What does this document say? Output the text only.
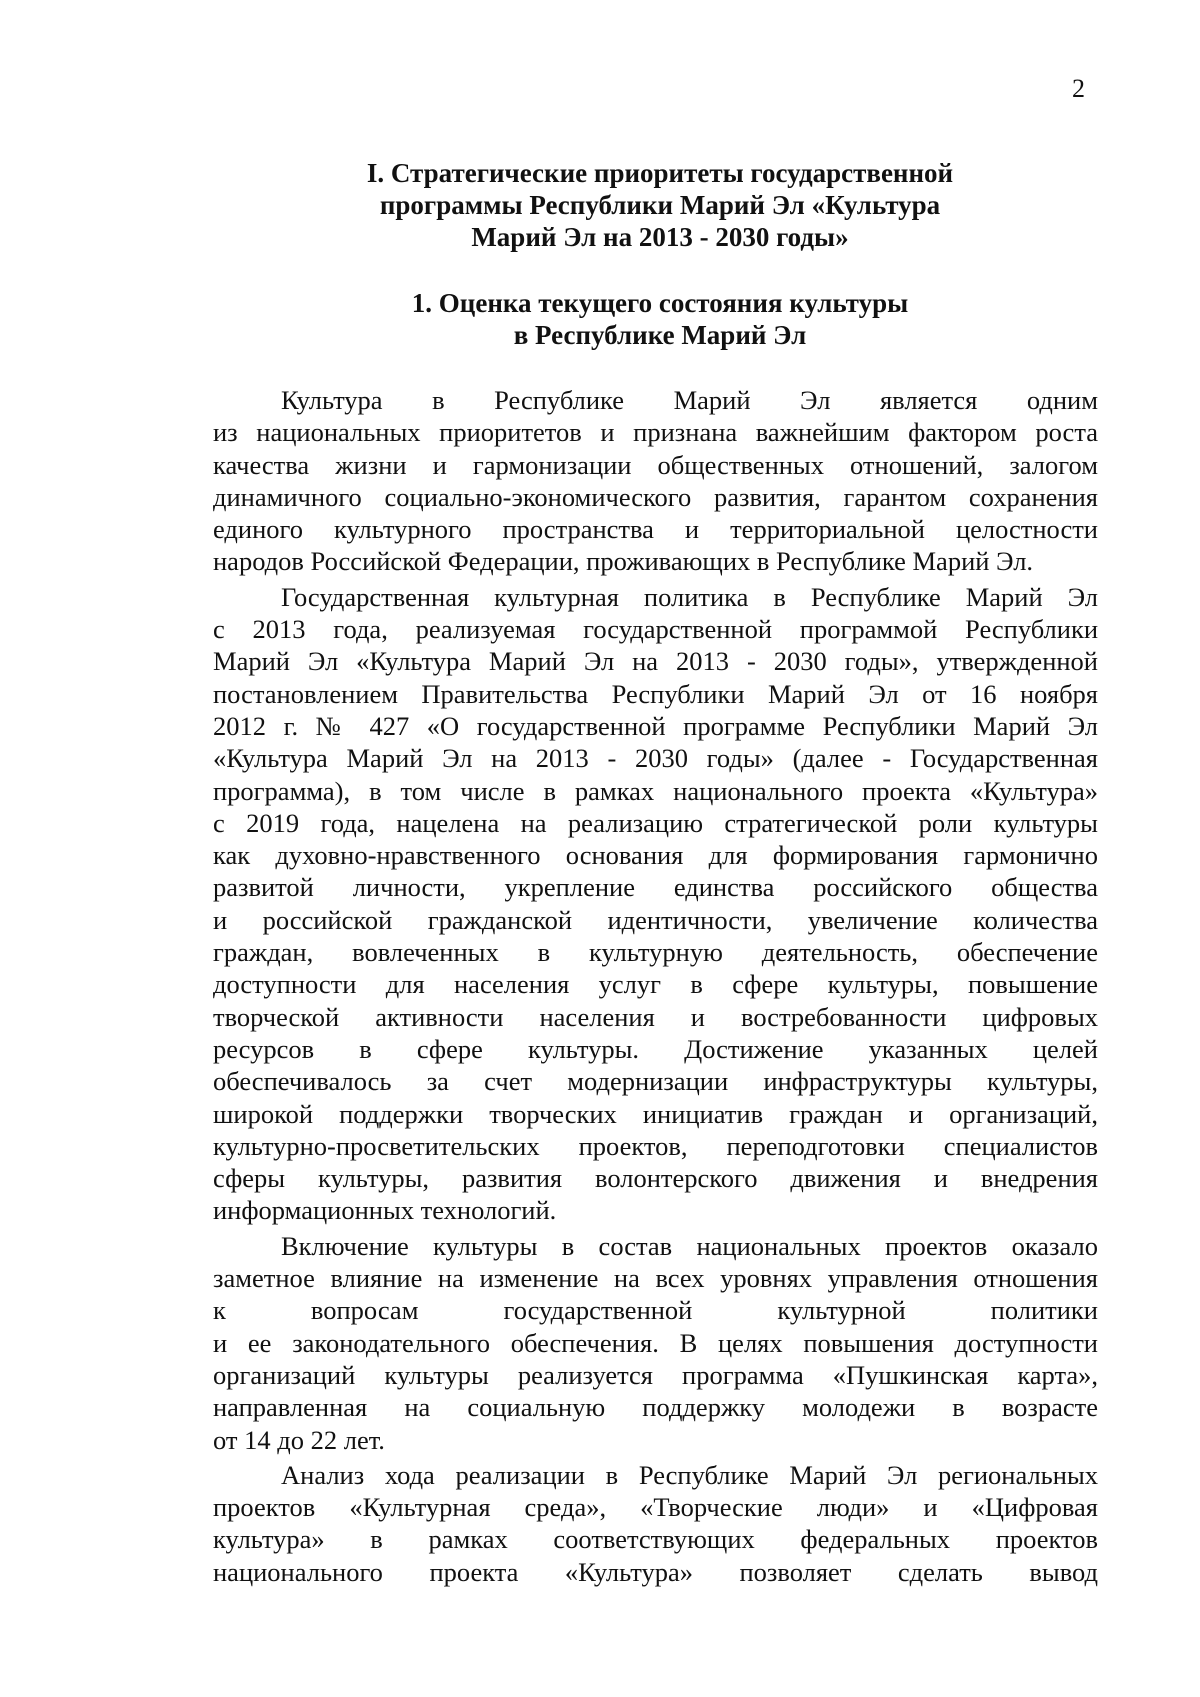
2
I. Стратегические приоритеты государственной
программы Республики Марий Эл «Культура
Марий Эл на 2013 - 2030 годы»
1. Оценка текущего состояния культуры
в Республике Марий Эл
Культура в Республике Марий Эл является одним
из национальных приоритетов и признана важнейшим фактором роста
качества жизни и гармонизации общественных отношений, залогом
динамичного социально-экономического развития, гарантом сохранения
единого культурного пространства и территориальной целостности
народов Российской Федерации, проживающих в Республике Марий Эл.
Государственная культурная политика в Республике Марий Эл
с 2013 года, реализуемая государственной программой Республики
Марий Эл «Культура Марий Эл на 2013 - 2030 годы», утвержденной
постановлением Правительства Республики Марий Эл от 16 ноября
2012 г. № 427 «О государственной программе Республики Марий Эл
«Культура Марий Эл на 2013 - 2030 годы» (далее - Государственная
программа), в том числе в рамках национального проекта «Культура»
с 2019 года, нацелена на реализацию стратегической роли культуры
как духовно-нравственного основания для формирования гармонично
развитой личности, укрепление единства российского общества
и российской гражданской идентичности, увеличение количества
граждан, вовлеченных в культурную деятельность, обеспечение
доступности для населения услуг в сфере культуры, повышение
творческой активности населения и востребованности цифровых
ресурсов в сфере культуры. Достижение указанных целей
обеспечивалось за счет модернизации инфраструктуры культуры,
широкой поддержки творческих инициатив граждан и организаций,
культурно-просветительских проектов, переподготовки специалистов
сферы культуры, развития волонтерского движения и внедрения
информационных технологий.
Включение культуры в состав национальных проектов оказало
заметное влияние на изменение на всех уровнях управления отношения
к вопросам государственной культурной политики
и ее законодательного обеспечения. В целях повышения доступности
организаций культуры реализуется программа «Пушкинская карта»,
направленная на социальную поддержку молодежи в возрасте
от 14 до 22 лет.
Анализ хода реализации в Республике Марий Эл региональных
проектов «Культурная среда», «Творческие люди» и «Цифровая
культура» в рамках соответствующих федеральных проектов
национального проекта «Культура» позволяет сделать вывод
